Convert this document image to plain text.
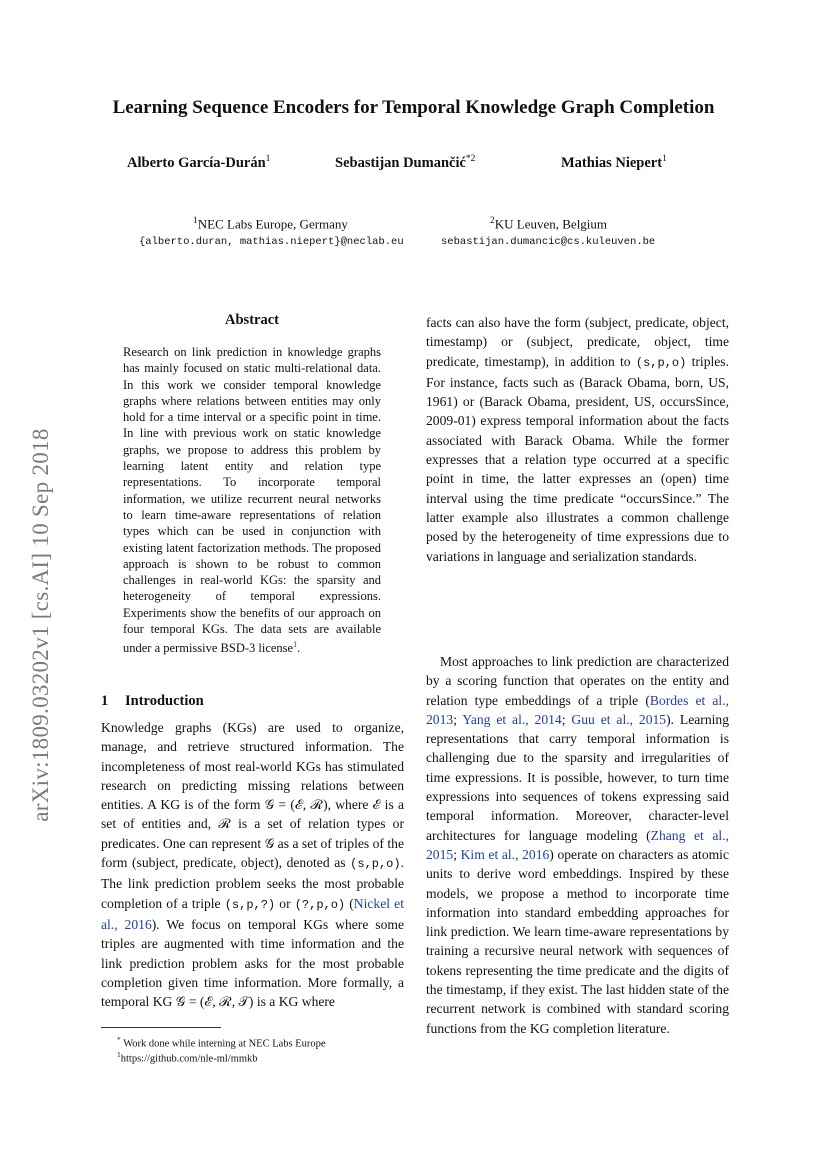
arXiv:1809.03202v1 [cs.AI] 10 Sep 2018
Learning Sequence Encoders for Temporal Knowledge Graph Completion
Alberto García-Durán$^1$	Sebastijan Dumančić$^{*2}$	Mathias Niepert$^1$
$^1$NEC Labs Europe, Germany
{alberto.duran, mathias.niepert}@neclab.eu
$^2$KU Leuven, Belgium
sebastijan.dumancic@cs.kuleuven.be
Abstract
Research on link prediction in knowledge graphs has mainly focused on static multi-relational data. In this work we consider temporal knowledge graphs where relations between entities may only hold for a time interval or a specific point in time. In line with previous work on static knowledge graphs, we propose to address this problem by learning latent entity and relation type representations. To incorporate temporal information, we utilize recurrent neural networks to learn time-aware representations of relation types which can be used in conjunction with existing latent factorization methods. The proposed approach is shown to be robust to common challenges in real-world KGs: the sparsity and heterogeneity of temporal expressions. Experiments show the benefits of our approach on four temporal KGs. The data sets are available under a permissive BSD-3 license$^1$.
1 Introduction
Knowledge graphs (KGs) are used to organize, manage, and retrieve structured information. The incompleteness of most real-world KGs has stimulated research on predicting missing relations between entities. A KG is of the form 𝒢 = (ℰ, ℛ), where ℰ is a set of entities and, ℛ is a set of relation types or predicates. One can represent 𝒢 as a set of triples of the form (subject, predicate, object), denoted as (s,p,o). The link prediction problem seeks the most probable completion of a triple (s,p,?) or (?,p,o) (Nickel et al., 2016). We focus on temporal KGs where some triples are augmented with time information and the link prediction problem asks for the most probable completion given time information. More formally, a temporal KG 𝒢 = (ℰ, ℛ, 𝒯) is a KG where
facts can also have the form (subject, predicate, object, timestamp) or (subject, predicate, object, time predicate, timestamp), in addition to (s,p,o) triples. For instance, facts such as (Barack Obama, born, US, 1961) or (Barack Obama, president, US, occursSince, 2009-01) express temporal information about the facts associated with Barack Obama. While the former expresses that a relation type occurred at a specific point in time, the latter expresses an (open) time interval using the time predicate “occursSince.” The latter example also illustrates a common challenge posed by the heterogeneity of time expressions due to variations in language and serialization standards.
Most approaches to link prediction are characterized by a scoring function that operates on the entity and relation type embeddings of a triple (Bordes et al., 2013; Yang et al., 2014; Guu et al., 2015). Learning representations that carry temporal information is challenging due to the sparsity and irregularities of time expressions. It is possible, however, to turn time expressions into sequences of tokens expressing said temporal information. Moreover, character-level architectures for language modeling (Zhang et al., 2015; Kim et al., 2016) operate on characters as atomic units to derive word embeddings. Inspired by these models, we propose a method to incorporate time information into standard embedding approaches for link prediction. We learn time-aware representations by training a recursive neural network with sequences of tokens representing the time predicate and the digits of the timestamp, if they exist. The last hidden state of the recurrent network is combined with standard scoring functions from the KG completion literature.
* Work done while interning at NEC Labs Europe
$^1$https://github.com/nle-ml/mmkb
